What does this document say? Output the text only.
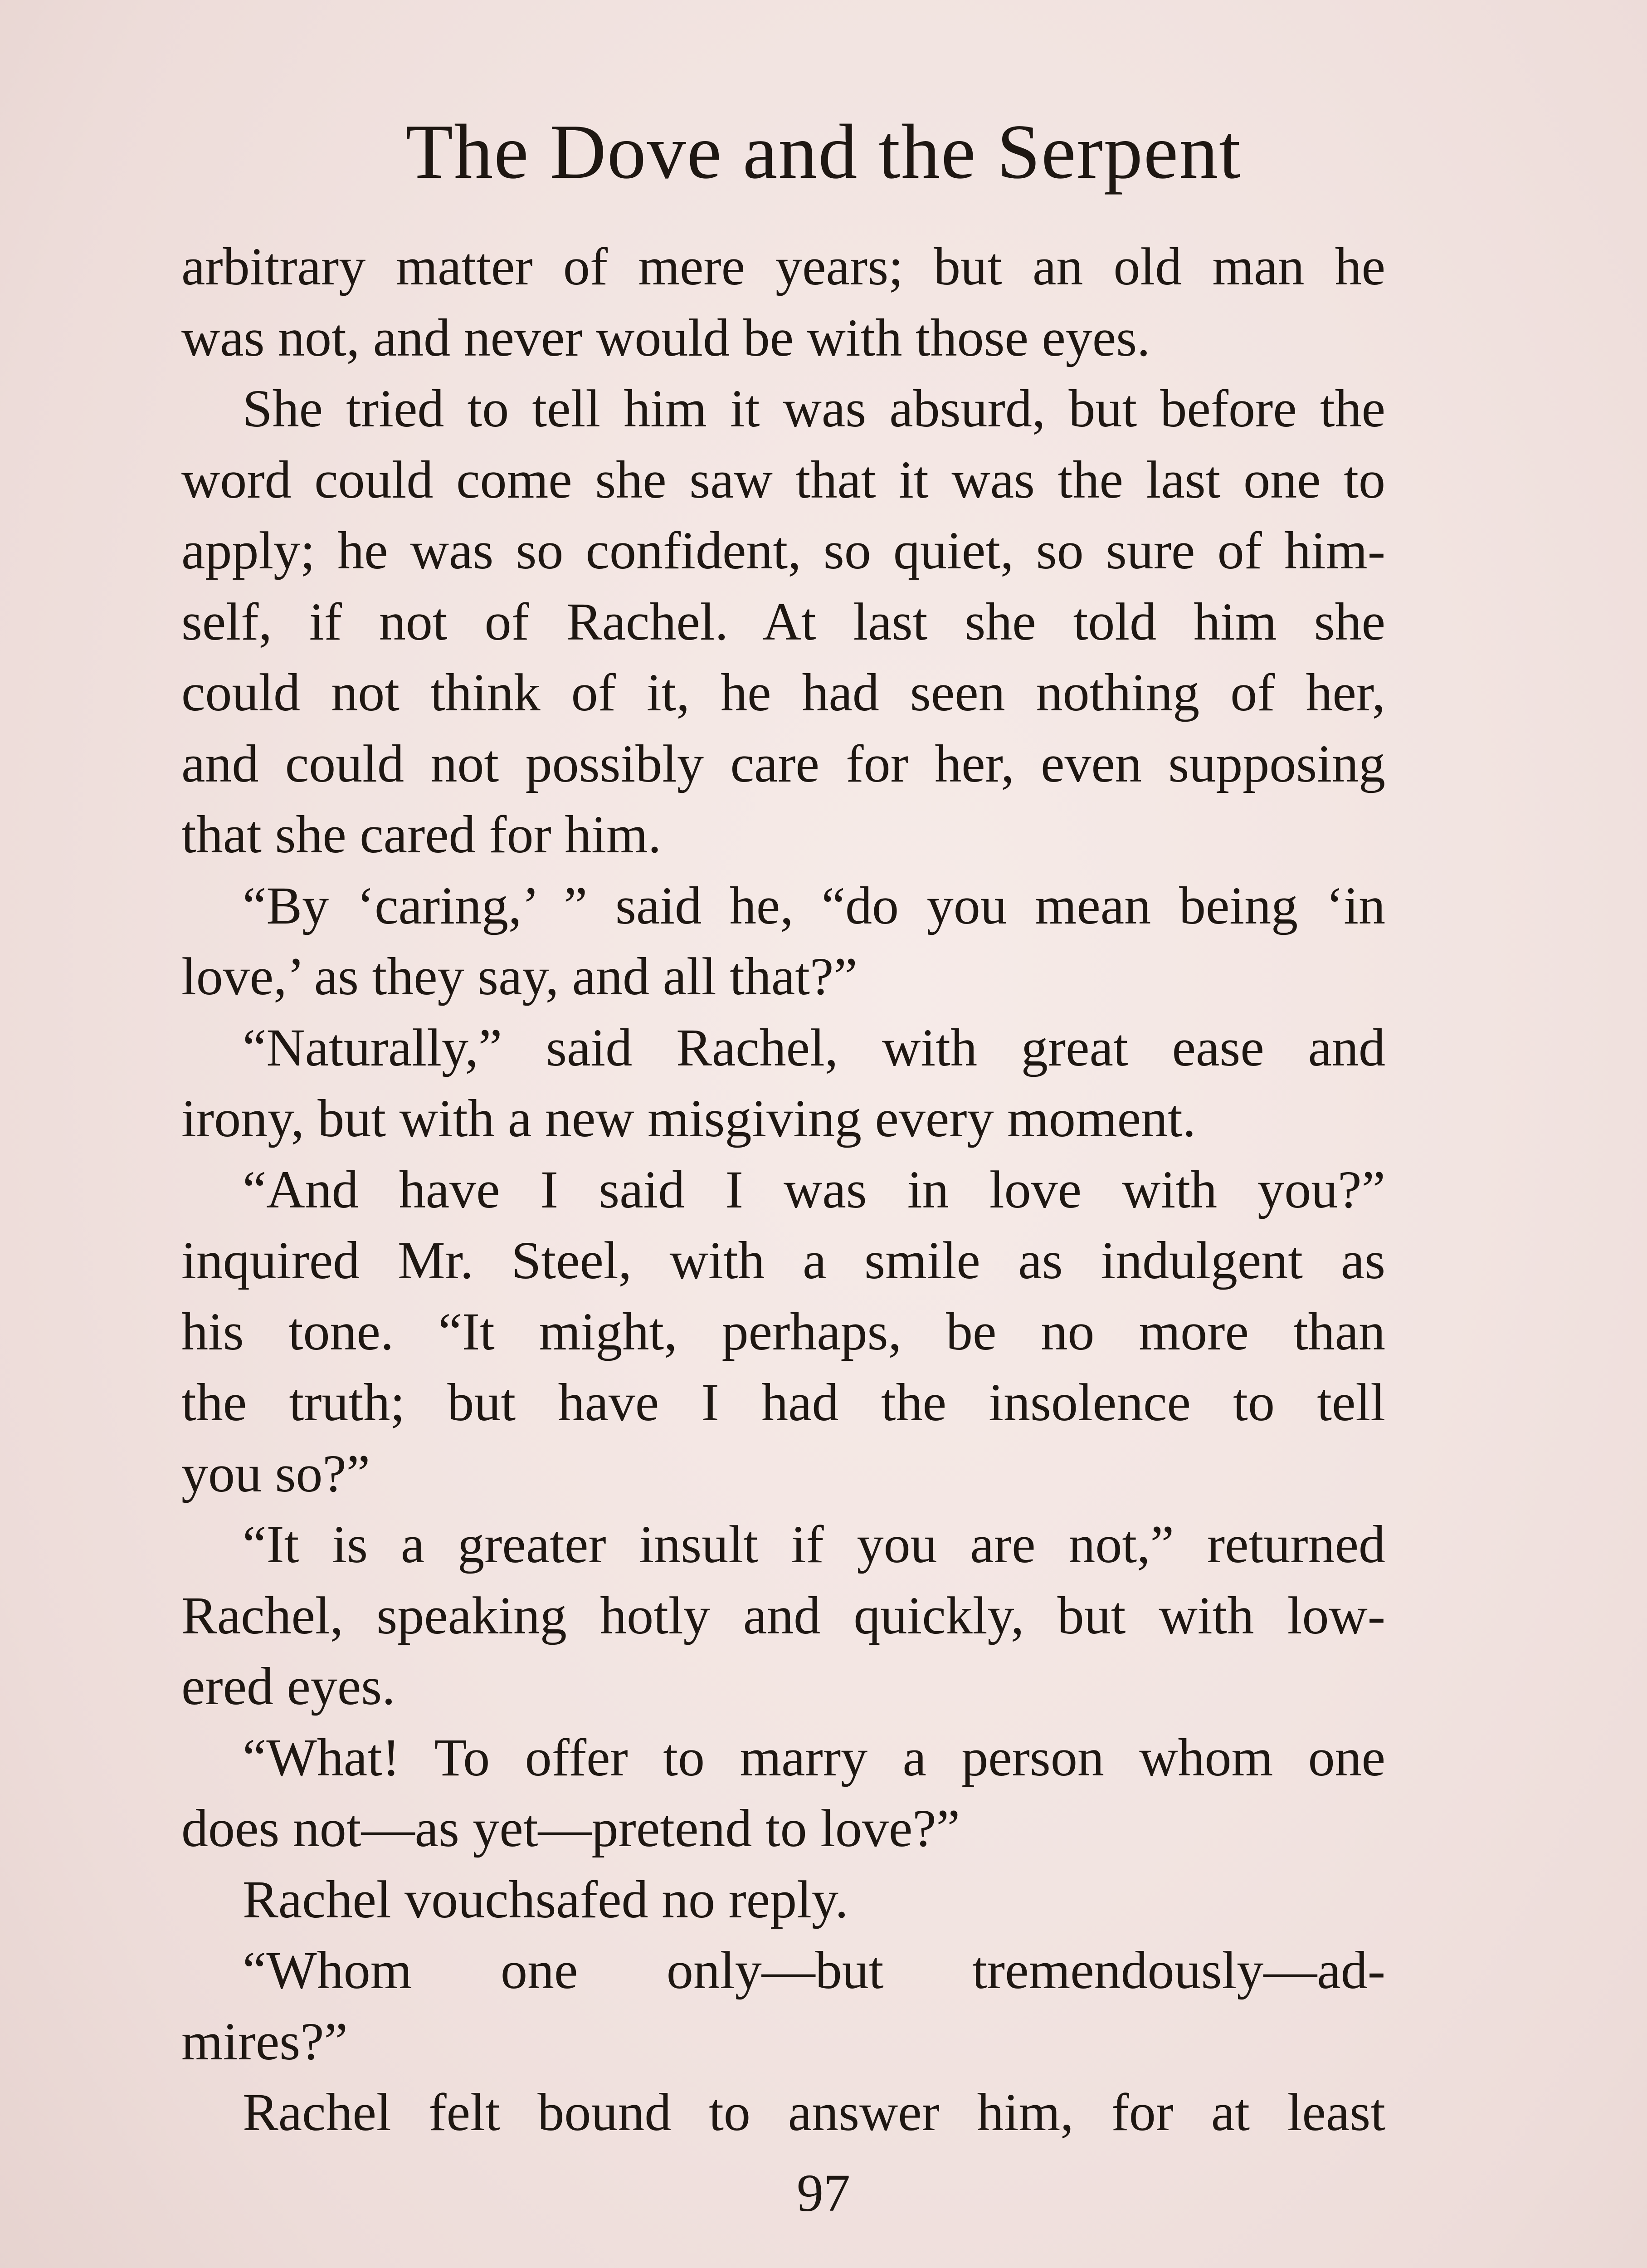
The Dove and the Serpent
arbitrary matter of mere years; but an old man he
was not, and never would be with those eyes.
She tried to tell him it was absurd, but before the
word could come she saw that it was the last one to
apply; he was so confident, so quiet, so sure of him-
self, if not of Rachel. At last she told him she
could not think of it, he had seen nothing of her,
and could not possibly care for her, even supposing
that she cared for him.
“By ‘caring,’ ” said he, “do you mean being ‘in
love,’ as they say, and all that?”
“Naturally,” said Rachel, with great ease and
irony, but with a new misgiving every moment.
“And have I said I was in love with you?”
inquired Mr. Steel, with a smile as indulgent as
his tone. “It might, perhaps, be no more than
the truth; but have I had the insolence to tell
you so?”
“It is a greater insult if you are not,” returned
Rachel, speaking hotly and quickly, but with low-
ered eyes.
“What! To offer to marry a person whom one
does not—as yet—pretend to love?”
Rachel vouchsafed no reply.
“Whom one only—but tremendously—ad-
mires?”
Rachel felt bound to answer him, for at least
97
